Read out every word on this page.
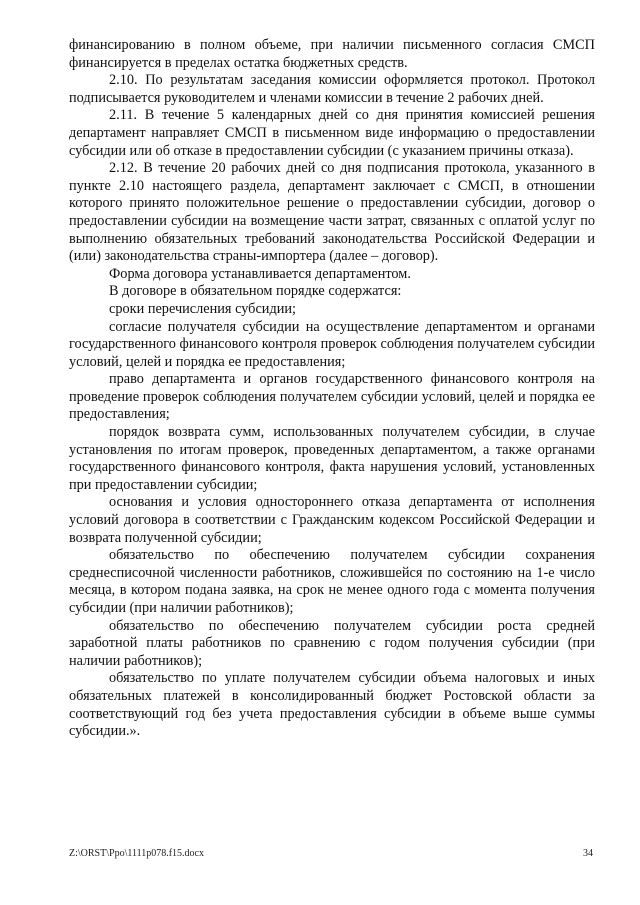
финансированию в полном объеме, при наличии письменного согласия СМСП финансируется в пределах остатка бюджетных средств.

2.10. По результатам заседания комиссии оформляется протокол. Протокол подписывается руководителем и членами комиссии в течение 2 рабочих дней.

2.11. В течение 5 календарных дней со дня принятия комиссией решения департамент направляет СМСП в письменном виде информацию о предоставлении субсидии или об отказе в предоставлении субсидии (с указанием причины отказа).

2.12. В течение 20 рабочих дней со дня подписания протокола, указанного в пункте 2.10 настоящего раздела, департамент заключает с СМСП, в отношении которого принято положительное решение о предоставлении субсидии, договор о предоставлении субсидии на возмещение части затрат, связанных с оплатой услуг по выполнению обязательных требований законодательства Российской Федерации и (или) законодательства страны-импортера (далее – договор).

Форма договора устанавливается департаментом.

В договоре в обязательном порядке содержатся:

сроки перечисления субсидии;

согласие получателя субсидии на осуществление департаментом и органами государственного финансового контроля проверок соблюдения получателем субсидии условий, целей и порядка ее предоставления;

право департамента и органов государственного финансового контроля на проведение проверок соблюдения получателем субсидии условий, целей и порядка ее предоставления;

порядок возврата сумм, использованных получателем субсидии, в случае установления по итогам проверок, проведенных департаментом, а также органами государственного финансового контроля, факта нарушения условий, установленных при предоставлении субсидии;

основания и условия одностороннего отказа департамента от исполнения условий договора в соответствии с Гражданским кодексом Российской Федерации и возврата полученной субсидии;

обязательство по обеспечению получателем субсидии сохранения среднесписочной численности работников, сложившейся по состоянию на 1-е число месяца, в котором подана заявка, на срок не менее одного года с момента получения субсидии (при наличии работников);

обязательство по обеспечению получателем субсидии роста средней заработной платы работников по сравнению с годом получения субсидии (при наличии работников);

обязательство по уплате получателем субсидии объема налоговых и иных обязательных платежей в консолидированный бюджет Ростовской области за соответствующий год без учета предоставления субсидии в объеме выше суммы субсидии.».

Z:\ORST\Ppo\1111p078.f15.docx	34
